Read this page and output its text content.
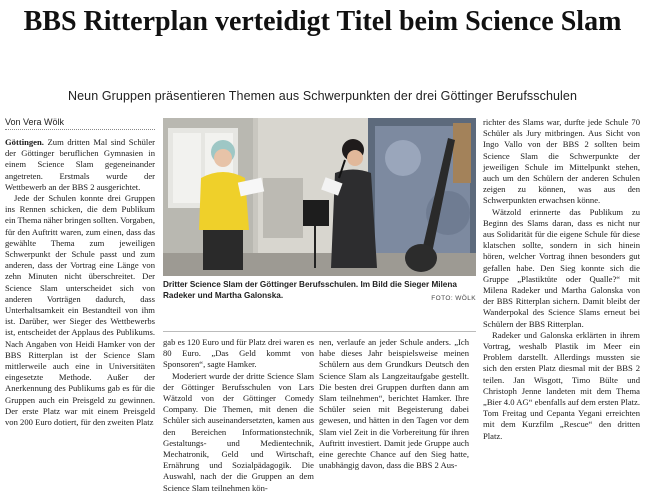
BBS Ritterplan verteidigt Titel beim Science Slam
Neun Gruppen präsentieren Themen aus Schwerpunkten der drei Göttinger Berufsschulen
Von Vera Wölk

Göttingen. Zum dritten Mal sind Schüler der Göttinger beruflichen Gymnasien in einem Science Slam gegeneinander angetreten. Erstmals wurde der Wettbewerb an der BBS 2 ausgerichtet.

Jede der Schulen konnte drei Gruppen ins Rennen schicken, die dem Publikum ein Thema näher bringen sollten. Vorgaben, für den Auftritt waren, zum einen, dass das gewählte Thema zum jeweiligen Schwerpunkt der Schule passt und zum anderen, dass der Vortrag eine Länge von zehn Minuten nicht überschreitet. Der Science Slam unterscheidet sich von anderen Vorträgen dadurch, dass Unterhaltsamkeit ein Bestandteil von ihm ist. Darüber, wer Sieger des Wettbewerbs ist, entscheidet der Applaus des Publikums. Nach Angaben von Heidi Hamker von der BBS Ritterplan ist der Science Slam mittlerweile auch eine in Universitäten eingesetzte Methode. Außer der Anerkennung des Publikums gab es für die Gruppen auch ein Preisgeld zu gewinnen. Der erste Platz war mit einem Preisgeld von 200 Euro dotiert, für den zweiten Platz

Dritter Science Slam der Göttinger Berufsschulen. Im Bild die Sieger Milena Radeker und Martha Galonska.	FOTO: WÖLK

gab es 120 Euro und für Platz drei waren es 80 Euro. „Das Geld kommt von Sponsoren“, sagte Hamker.

Moderiert wurde der dritte Science Slam der Göttinger Berufsschulen von Lars Wätzold von der Göttinger Comedy Company. Die Themen, mit denen die Schüler sich auseinandersetzten, kamen aus den Bereichen Informationstechnik, Gestaltungs- und Medientechnik, Mechatronik, Geld und Wirtschaft, Ernährung und Sozialpädagogik. Die Auswahl, nach der die Gruppen an dem Science Slam teilnehmen kön-

nen, verlaufe an jeder Schule anders. „Ich habe dieses Jahr beispielsweise meinen Schülern aus dem Grundkurs Deutsch den Science Slam als Langzeitaufgabe gestellt. Die besten drei Gruppen durften dann am Slam teilnehmen“, berichtet Hamker. Ihre Schüler seien mit Begeisterung dabei gewesen, und hätten in den Tagen vor dem Slam viel Zeit in die Vorbereitung für ihren Auftritt investiert. Damit jede Gruppe auch eine gerechte Chance auf den Sieg hatte, unabhängig davon, dass die BBS 2 Aus-

richter des Slams war, durfte jede Schule 70 Schüler als Jury mitbringen. Aus Sicht von Ingo Vallo von der BBS 2 sollten beim Science Slam die Schwerpunkte der jeweiligen Schule im Mittelpunkt stehen, auch um den Schülern der anderen Schulen zeigen zu können, was aus den Schwerpunkten erwachsen könne.

Wätzold erinnerte das Publikum zu Beginn des Slams daran, dass es nicht nur aus Solidarität für die eigene Schule für diese klatschen sollte, sondern in sich hinein hören, welcher Vortrag ihnen besonders gut gefallen habe. Den Sieg konnte sich die Gruppe „Plastiktüte oder Qualle?“ mit Milena Radeker und Martha Galonska von der BBS Ritterplan sichern. Damit bleibt der Wanderpokal des Science Slams erneut bei Schülern der BBS Ritterplan.

Radeker und Galonska erklärten in ihrem Vortrag, weshalb Plastik im Meer ein Problem darstellt. Allerdings mussten sie sich den ersten Platz diesmal mit der BBS 2 teilen. Jan Wisgott, Timo Bülte und Christoph Jenne landeten mit dem Thema „Bier 4.0 AG“ ebenfalls auf dem ersten Platz. Tom Freitag und Cepanta Yegani erreichten mit dem Kurzfilm „Rescue“ den dritten Platz.
